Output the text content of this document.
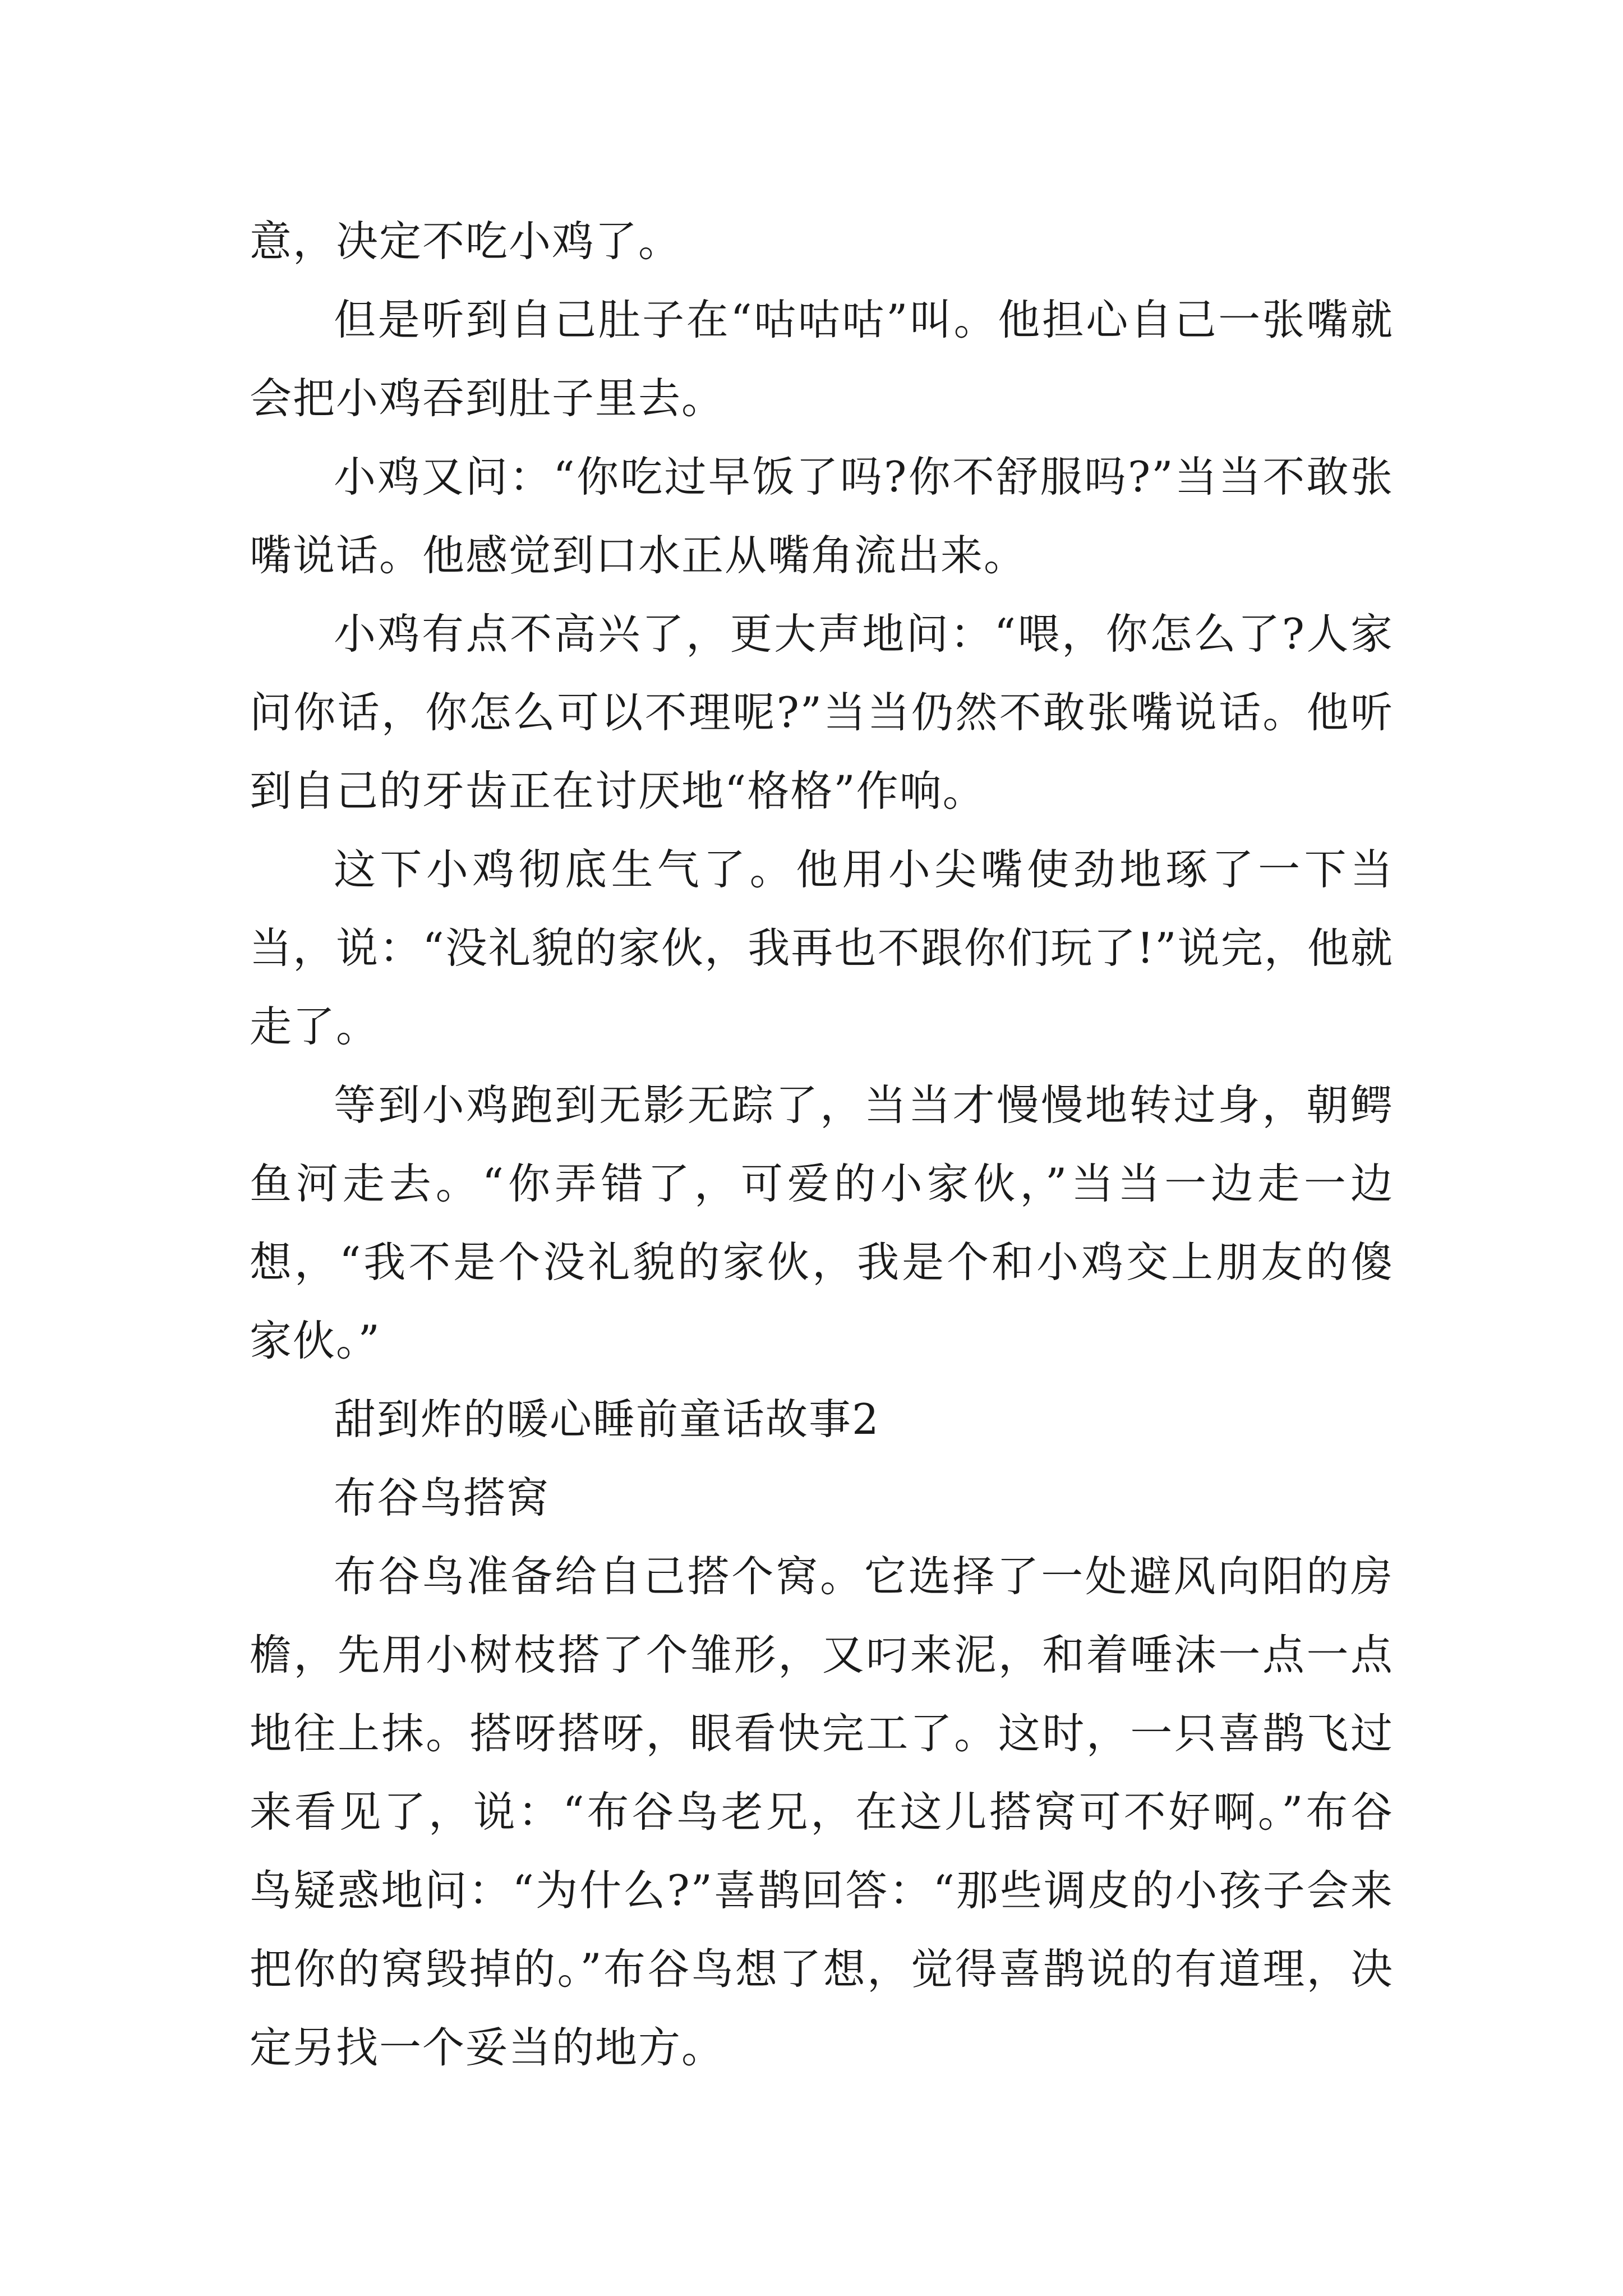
意，决定不吃小鸡了。

但是听到自己肚子在“咕咕咕”叫。他担心自己一张嘴就会把小鸡吞到肚子里去。

小鸡又问：“你吃过早饭了吗?你不舒服吗?”当当不敢张嘴说话。他感觉到口水正从嘴角流出来。

小鸡有点不高兴了，更大声地问：“喂，你怎么了?人家问你话，你怎么可以不理呢?”当当仍然不敢张嘴说话。他听到自己的牙齿正在讨厌地“格格”作响。

这下小鸡彻底生气了。他用小尖嘴使劲地琢了一下当当，说：“没礼貌的家伙，我再也不跟你们玩了!”说完，他就走了。

等到小鸡跑到无影无踪了，当当才慢慢地转过身，朝鳄鱼河走去。“你弄错了，可爱的小家伙，”当当一边走一边想，“我不是个没礼貌的家伙，我是个和小鸡交上朋友的傻家伙。”

甜到炸的暖心睡前童话故事2

布谷鸟搭窝

布谷鸟准备给自己搭个窝。它选择了一处避风向阳的房檐，先用小树枝搭了个雏形，又叼来泥，和着唾沫一点一点地往上抹。搭呀搭呀，眼看快完工了。这时，一只喜鹊飞过来看见了，说：“布谷鸟老兄，在这儿搭窝可不好啊。”布谷鸟疑惑地问：“为什么?”喜鹊回答：“那些调皮的小孩子会来把你的窝毁掉的。”布谷鸟想了想，觉得喜鹊说的有道理，决定另找一个妥当的地方。
